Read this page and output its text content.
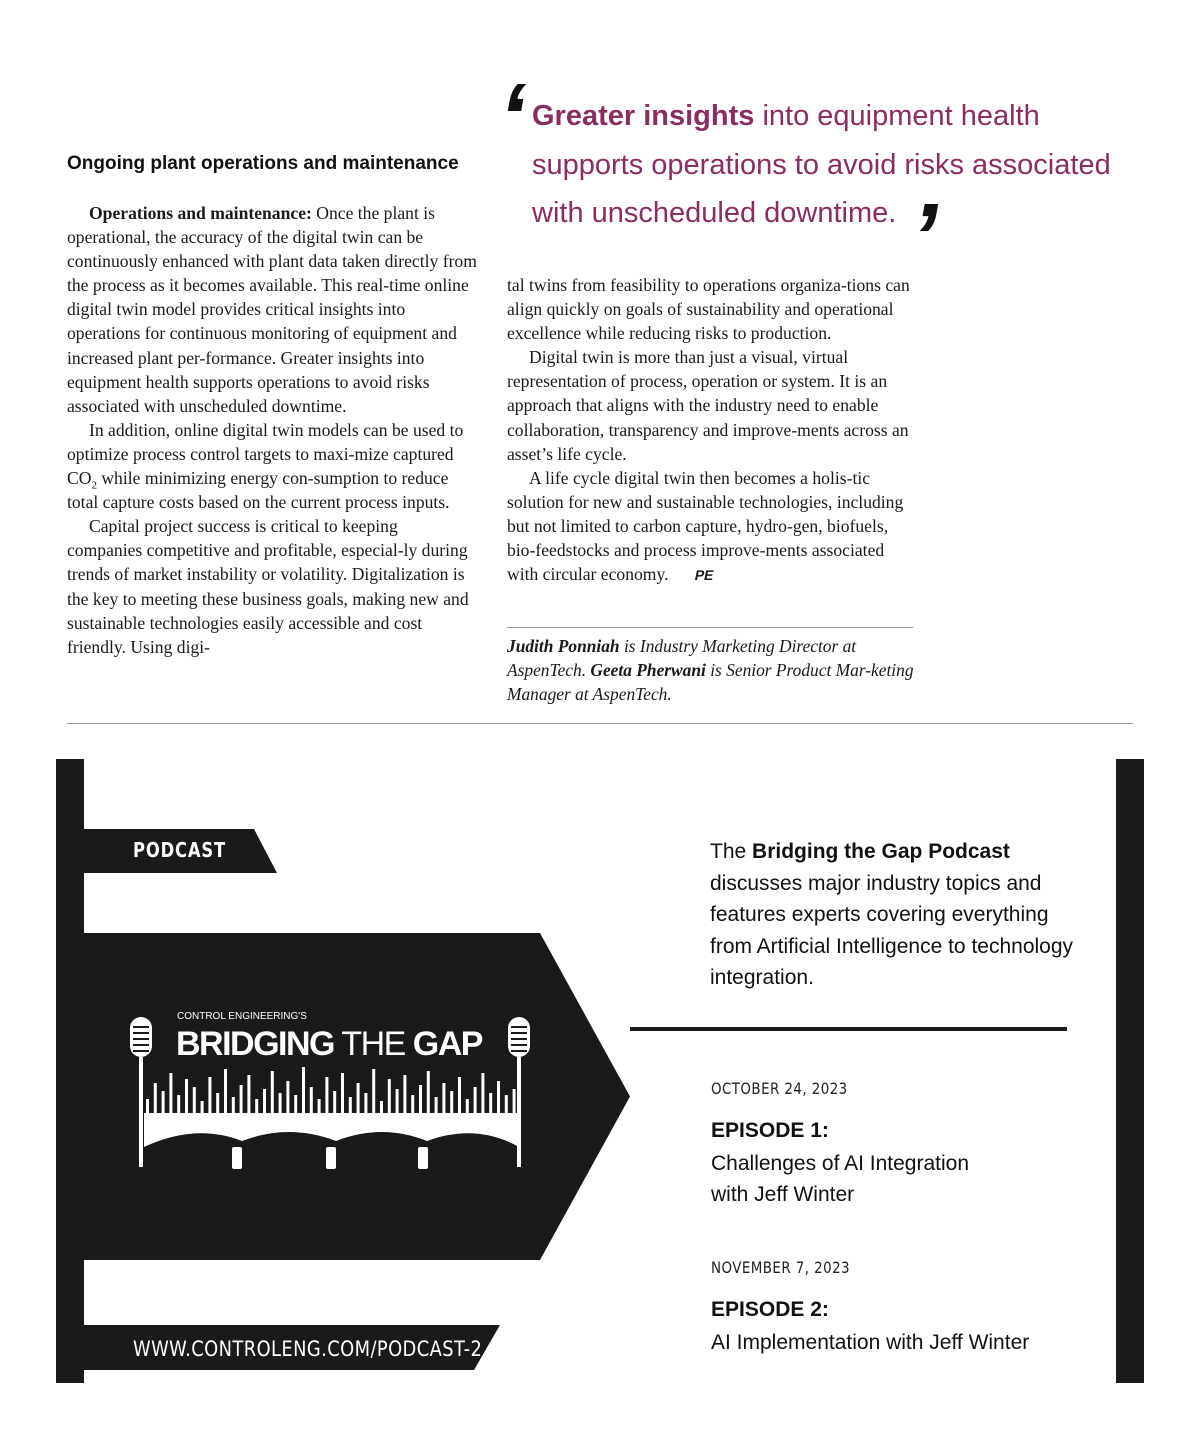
Ongoing plant operations and maintenance

Operations and maintenance: Once the plant is operational, the accuracy of the digital twin can be continuously enhanced with plant data taken directly from the process as it becomes available. This real-time online digital twin model provides critical insights into operations for continuous monitoring of equipment and increased plant per-formance. Greater insights into equipment health supports operations to avoid risks associated with unscheduled downtime.

In addition, online digital twin models can be used to optimize process control targets to maxi-mize captured $CO_2$ while minimizing energy con-sumption to reduce total capture costs based on the current process inputs.

Capital project success is critical to keeping companies competitive and profitable, especial-ly during trends of market instability or volatility. Digitalization is the key to meeting these business goals, making new and sustainable technologies easily accessible and cost friendly. Using digi-

‘
Greater insights into equipment health supports operations to avoid risks associated with unscheduled downtime. ’

tal twins from feasibility to operations organiza-tions can align quickly on goals of sustainability and operational excellence while reducing risks to production.

Digital twin is more than just a visual, virtual representation of process, operation or system. It is an approach that aligns with the industry need to enable collaboration, transparency and improve-ments across an asset’s life cycle.

A life cycle digital twin then becomes a holis-tic solution for new and sustainable technologies, including but not limited to carbon capture, hydro-gen, biofuels, bio-feedstocks and process improve-ments associated with circular economy. PE

Judith Ponniah is Industry Marketing Director at AspenTech. Geeta Pherwani is Senior Product Mar-keting Manager at AspenTech.
PODCAST
CONTROL ENGINEERING'S
BRIDGING THE GAP
WWW.CONTROLENG.COM/PODCAST-2
The Bridging the Gap Podcast discusses major industry topics and features experts covering everything from Artificial Intelligence to technology integration.
OCTOBER 24, 2023
EPISODE 1:
Challenges of AI Integration
with Jeff Winter
NOVEMBER 7, 2023
EPISODE 2:
AI Implementation with Jeff Winter
